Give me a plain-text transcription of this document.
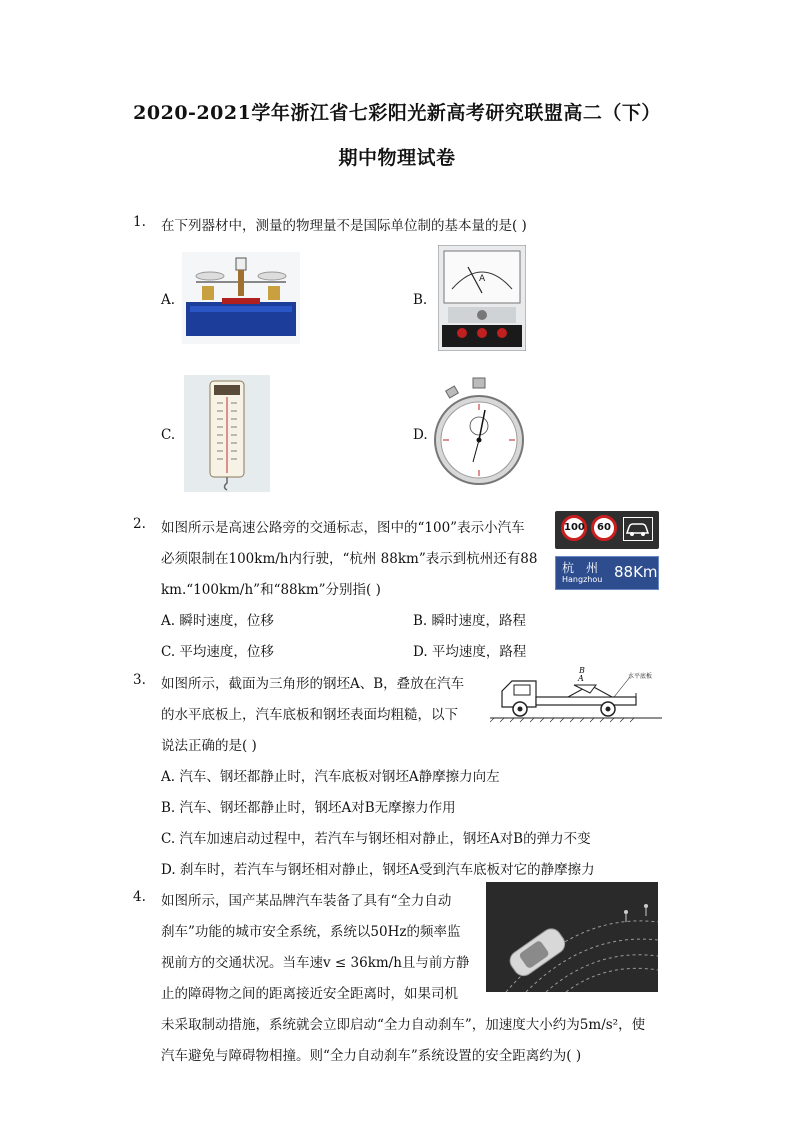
2020-2021学年浙江省七彩阳光新高考研究联盟高二（下）
期中物理试卷
1. 在下列器材中，测量的物理量不是国际单位制的基本量的是( )
A.	B.
A
C.	D.
2. 如图所示是高速公路旁的交通标志，图中的“100”表示小汽车
必须限制在100km/h内行驶，“杭州 88km”表示到杭州还有88
km.“100km/h”和“88km”分别指( )
100	60
杭　州
Hangzhou 88Km
A. 瞬时速度，位移	B. 瞬时速度，路程
C. 平均速度，位移	D. 平均速度，路程
3. 如图所示，截面为三角形的钢坯A、B，叠放在汽车
的水平底板上，汽车底板和钢坯表面均粗糙，以下
说法正确的是( )
A
B
水平底板
A. 汽车、钢坯都静止时，汽车底板对钢坯A静摩擦力向左
B. 汽车、钢坯都静止时，钢坯A对B无摩擦力作用
C. 汽车加速启动过程中，若汽车与钢坯相对静止，钢坯A对B的弹力不变
D. 刹车时，若汽车与钢坯相对静止，钢坯A受到汽车底板对它的静摩擦力
4. 如图所示，国产某品牌汽车装备了具有“全力自动
刹车”功能的城市安全系统，系统以50Hz的频率监
视前方的交通状况。当车速v ≤ 36km/h且与前方静
止的障碍物之间的距离接近安全距离时，如果司机
未采取制动措施，系统就会立即启动“全力自动刹车”，加速度大小约为5m/s²，使
汽车避免与障碍物相撞。则“全力自动刹车”系统设置的安全距离约为( )
